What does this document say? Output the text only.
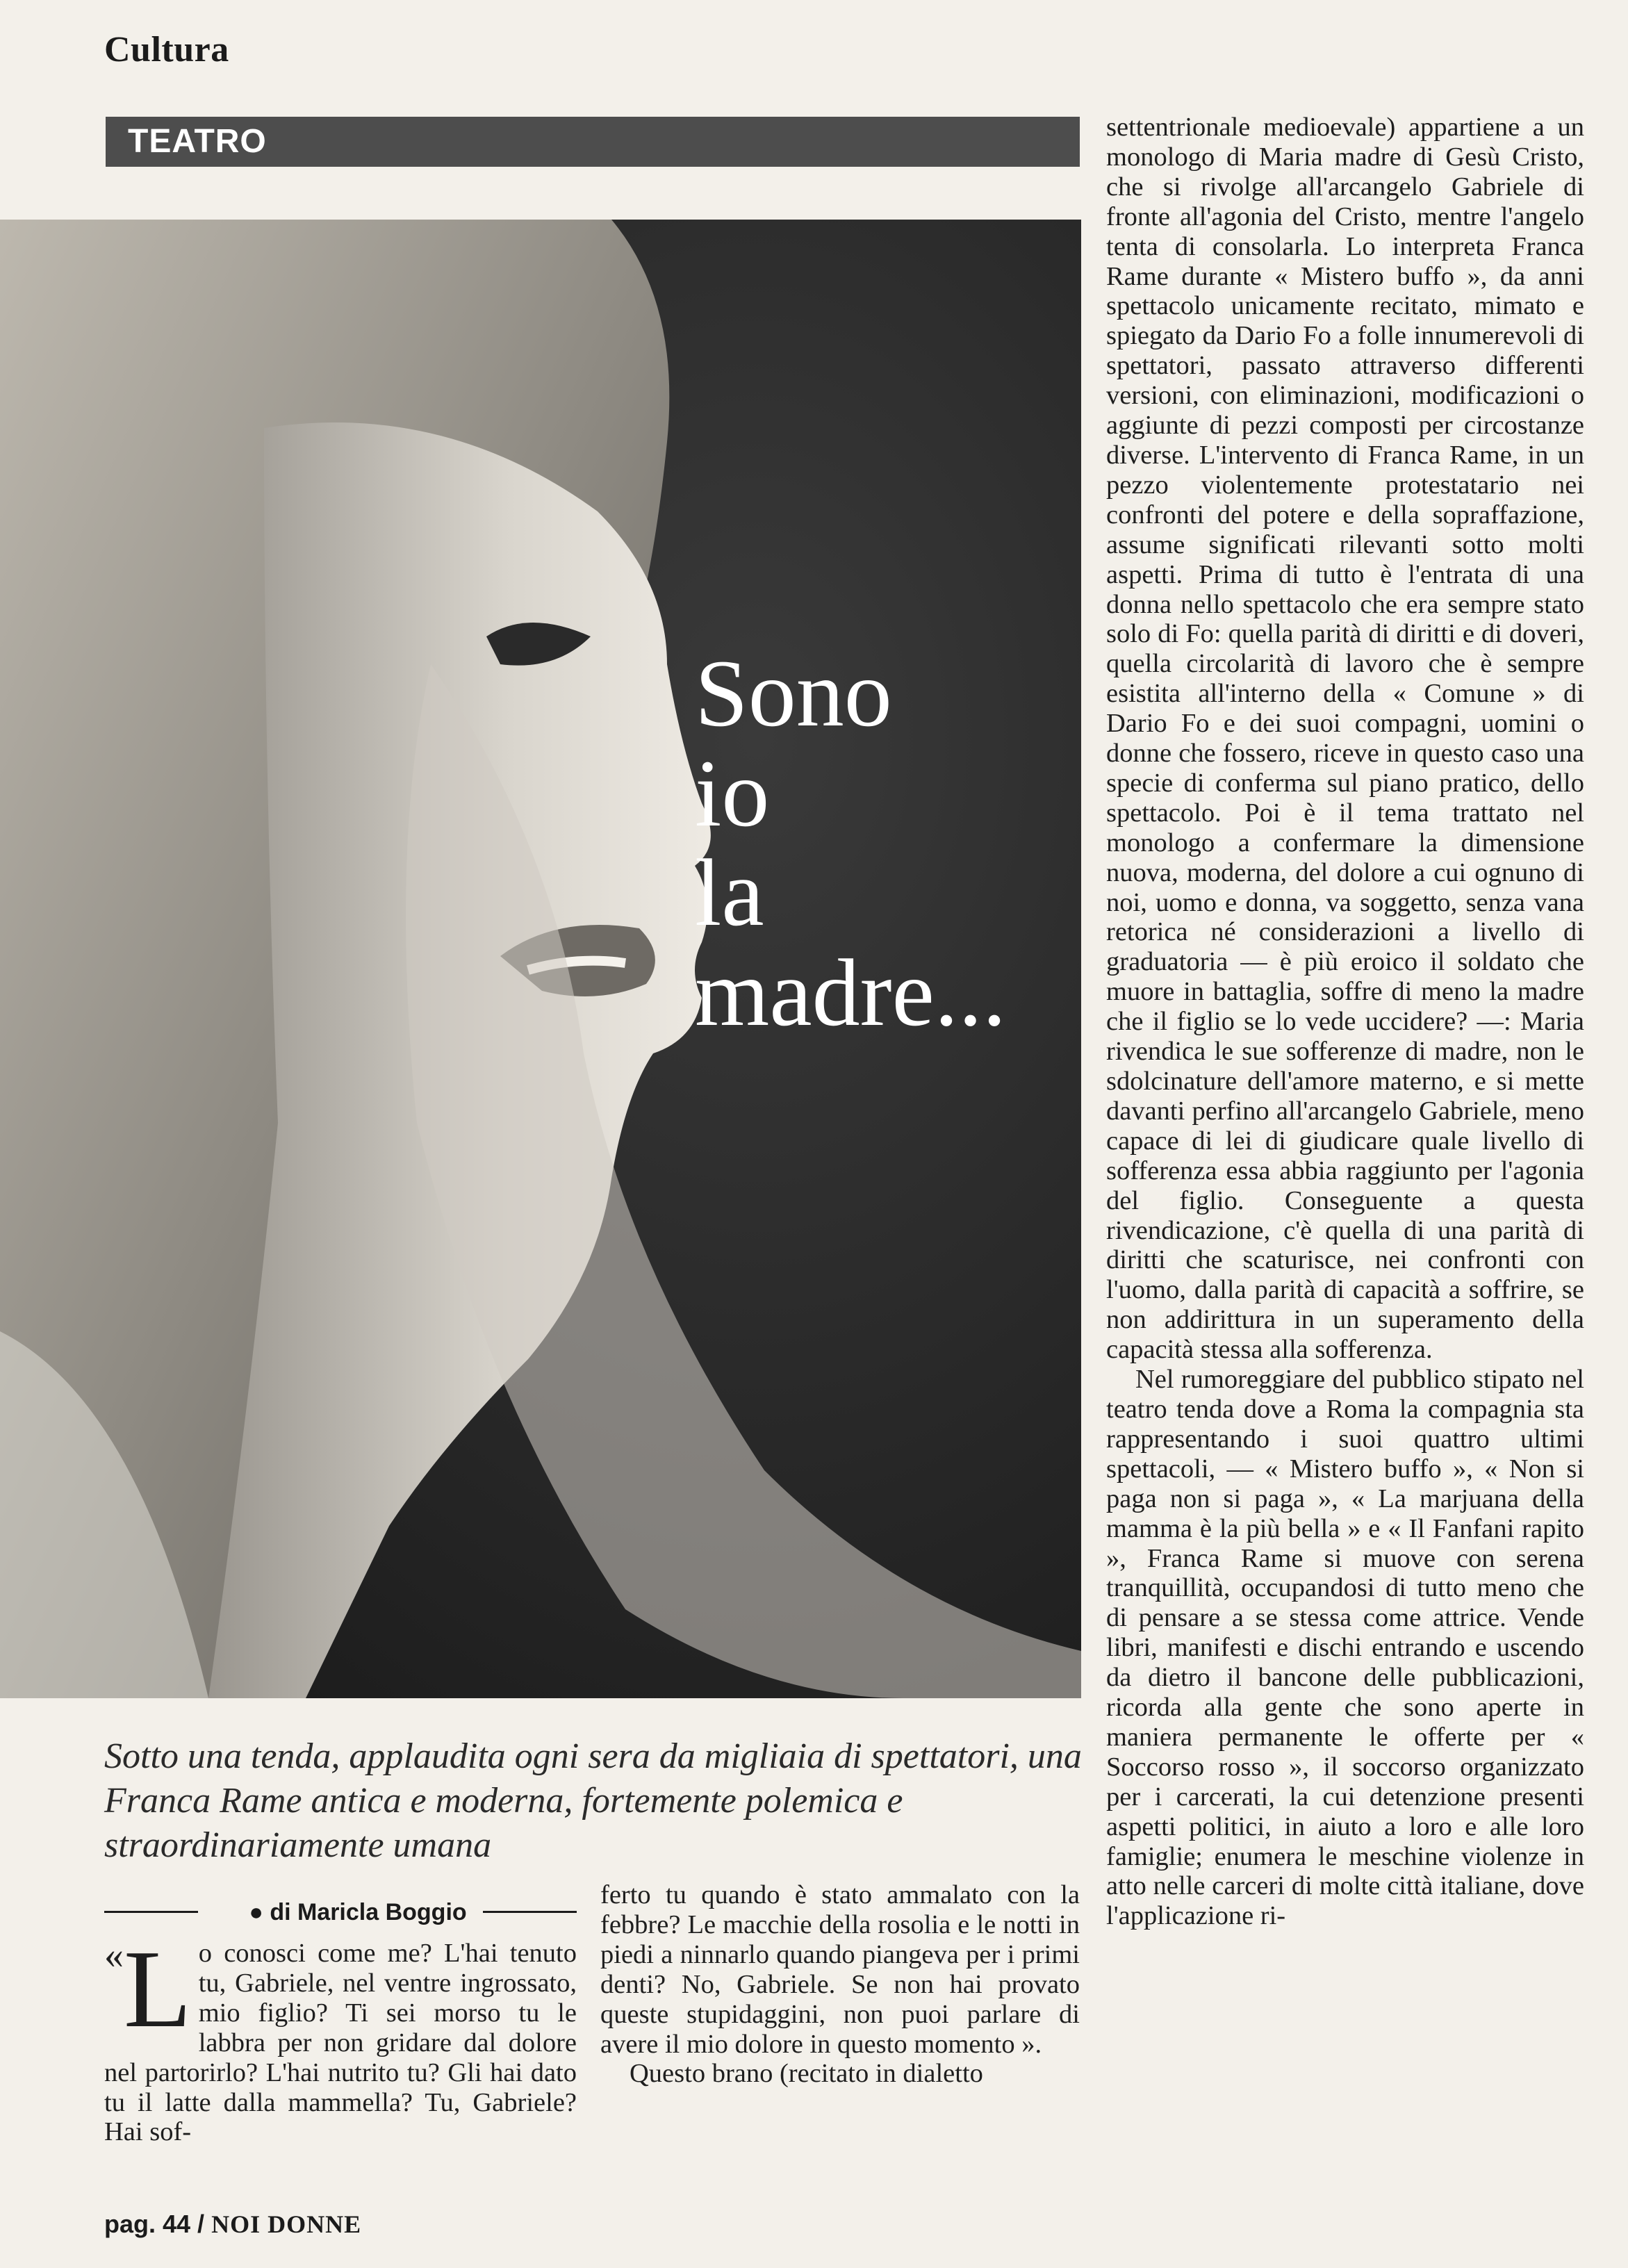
Cultura
TEATRO
Sono
io
la
madre...
Sotto una tenda, applaudita ogni sera da migliaia di spettatori, una Franca Rame antica e moderna, fortemente polemica e straordinariamente umana
● di Maricla Boggio

« L o conosci come me? L'hai tenuto tu, Gabriele, nel ventre ingrossato, mio figlio? Ti sei morso tu le labbra per non gridare dal dolore nel partorirlo? L'hai nutrito tu? Gli hai dato tu il latte dalla mammella? Tu, Gabriele? Hai sof-

ferto tu quando è stato ammalato con la febbre? Le macchie della rosolia e le notti in piedi a ninnarlo quando piangeva per i primi denti? No, Gabriele. Se non hai provato queste stupidaggini, non puoi parlare di avere il mio dolore in questo momento ».

Questo brano (recitato in dialetto

settentrionale medioevale) appartiene a un monologo di Maria madre di Gesù Cristo, che si rivolge all'arcangelo Gabriele di fronte all'agonia del Cristo, mentre l'angelo tenta di consolarla. Lo interpreta Franca Rame durante « Mistero buffo », da anni spettacolo unicamente recitato, mimato e spiegato da Dario Fo a folle innumerevoli di spettatori, passato attraverso differenti versioni, con eliminazioni, modificazioni o aggiunte di pezzi composti per circostanze diverse. L'intervento di Franca Rame, in un pezzo violentemente protestatario nei confronti del potere e della sopraffazione, assume significati rilevanti sotto molti aspetti. Prima di tutto è l'entrata di una donna nello spettacolo che era sempre stato solo di Fo: quella parità di diritti e di doveri, quella circolarità di lavoro che è sempre esistita all'interno della « Comune » di Dario Fo e dei suoi compagni, uomini o donne che fossero, riceve in questo caso una specie di conferma sul piano pratico, dello spettacolo. Poi è il tema trattato nel monologo a confermare la dimensione nuova, moderna, del dolore a cui ognuno di noi, uomo e donna, va soggetto, senza vana retorica né considerazioni a livello di graduatoria — è più eroico il soldato che muore in battaglia, soffre di meno la madre che il figlio se lo vede uccidere? —: Maria rivendica le sue sofferenze di madre, non le sdolcinature dell'amore materno, e si mette davanti perfino all'arcangelo Gabriele, meno capace di lei di giudicare quale livello di sofferenza essa abbia raggiunto per l'agonia del figlio. Conseguente a questa rivendicazione, c'è quella di una parità di diritti che scaturisce, nei confronti con l'uomo, dalla parità di capacità a soffrire, se non addirittura in un superamento della capacità stessa alla sofferenza.

Nel rumoreggiare del pubblico stipato nel teatro tenda dove a Roma la compagnia sta rappresentando i suoi quattro ultimi spettacoli, — « Mistero buffo », « Non si paga non si paga », « La marjuana della mamma è la più bella » e « Il Fanfani rapito », Franca Rame si muove con serena tranquillità, occupandosi di tutto meno che di pensare a se stessa come attrice. Vende libri, manifesti e dischi entrando e uscendo da dietro il bancone delle pubblicazioni, ricorda alla gente che sono aperte in maniera permanente le offerte per « Soccorso rosso », il soccorso organizzato per i carcerati, la cui detenzione presenti aspetti politici, in aiuto a loro e alle loro famiglie; enumera le meschine violenze in atto nelle carceri di molte città italiane, dove l'applicazione ri-

pag. 44 / NOI DONNE
